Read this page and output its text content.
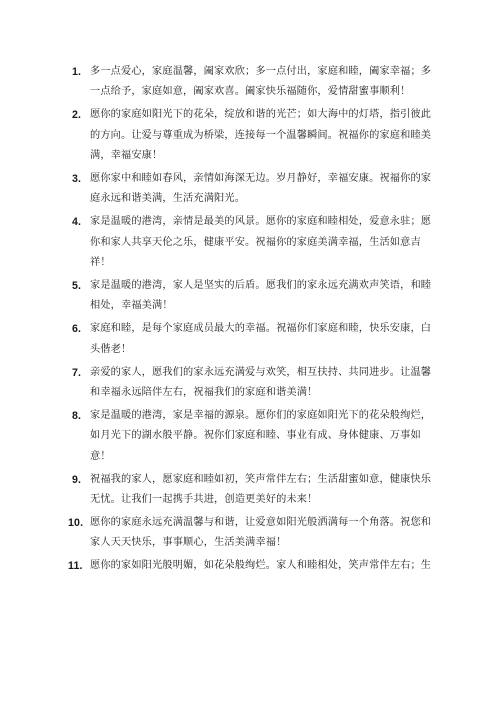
1. 多一点爱心，家庭温馨，阖家欢欣；多一点付出，家庭和睦，阖家幸福；多一点给予，家庭如意，阖家欢喜。阖家快乐福随你，爱情甜蜜事顺利！
2. 愿你的家庭如阳光下的花朵，绽放和谐的光芒；如大海中的灯塔，指引彼此的方向。让爱与尊重成为桥梁，连接每一个温馨瞬间。祝福你的家庭和睦美满，幸福安康！
3. 愿你家中和睦如春风，亲情如海深无边。岁月静好，幸福安康。祝福你的家庭永远和谐美满，生活充满阳光。
4. 家是温暖的港湾，亲情是最美的风景。愿你的家庭和睦相处，爱意永驻；愿你和家人共享天伦之乐，健康平安。祝福你的家庭美满幸福，生活如意吉祥！
5. 家是温暖的港湾，家人是坚实的后盾。愿我们的家永远充满欢声笑语，和睦相处，幸福美满！
6. 家庭和睦，是每个家庭成员最大的幸福。祝福你们家庭和睦，快乐安康，白头偕老！
7. 亲爱的家人，愿我们的家永远充满爱与欢笑，相互扶持、共同进步。让温馨和幸福永远陪伴左右，祝福我们的家庭和谐美满！
8. 家是温暖的港湾，家是幸福的源泉。愿你们的家庭如阳光下的花朵般绚烂，如月光下的湖水般平静。祝你们家庭和睦、事业有成、身体健康、万事如意！
9. 祝福我的家人，愿家庭和睦如初，笑声常伴左右；生活甜蜜如意，健康快乐无忧。让我们一起携手共进，创造更美好的未来！
10. 愿你的家庭永远充满温馨与和谐，让爱意如阳光般洒满每一个角落。祝您和家人天天快乐，事事顺心，生活美满幸福！
11. 愿你的家如阳光般明媚，如花朵般绚烂。家人和睦相处，笑声常伴左右；生
